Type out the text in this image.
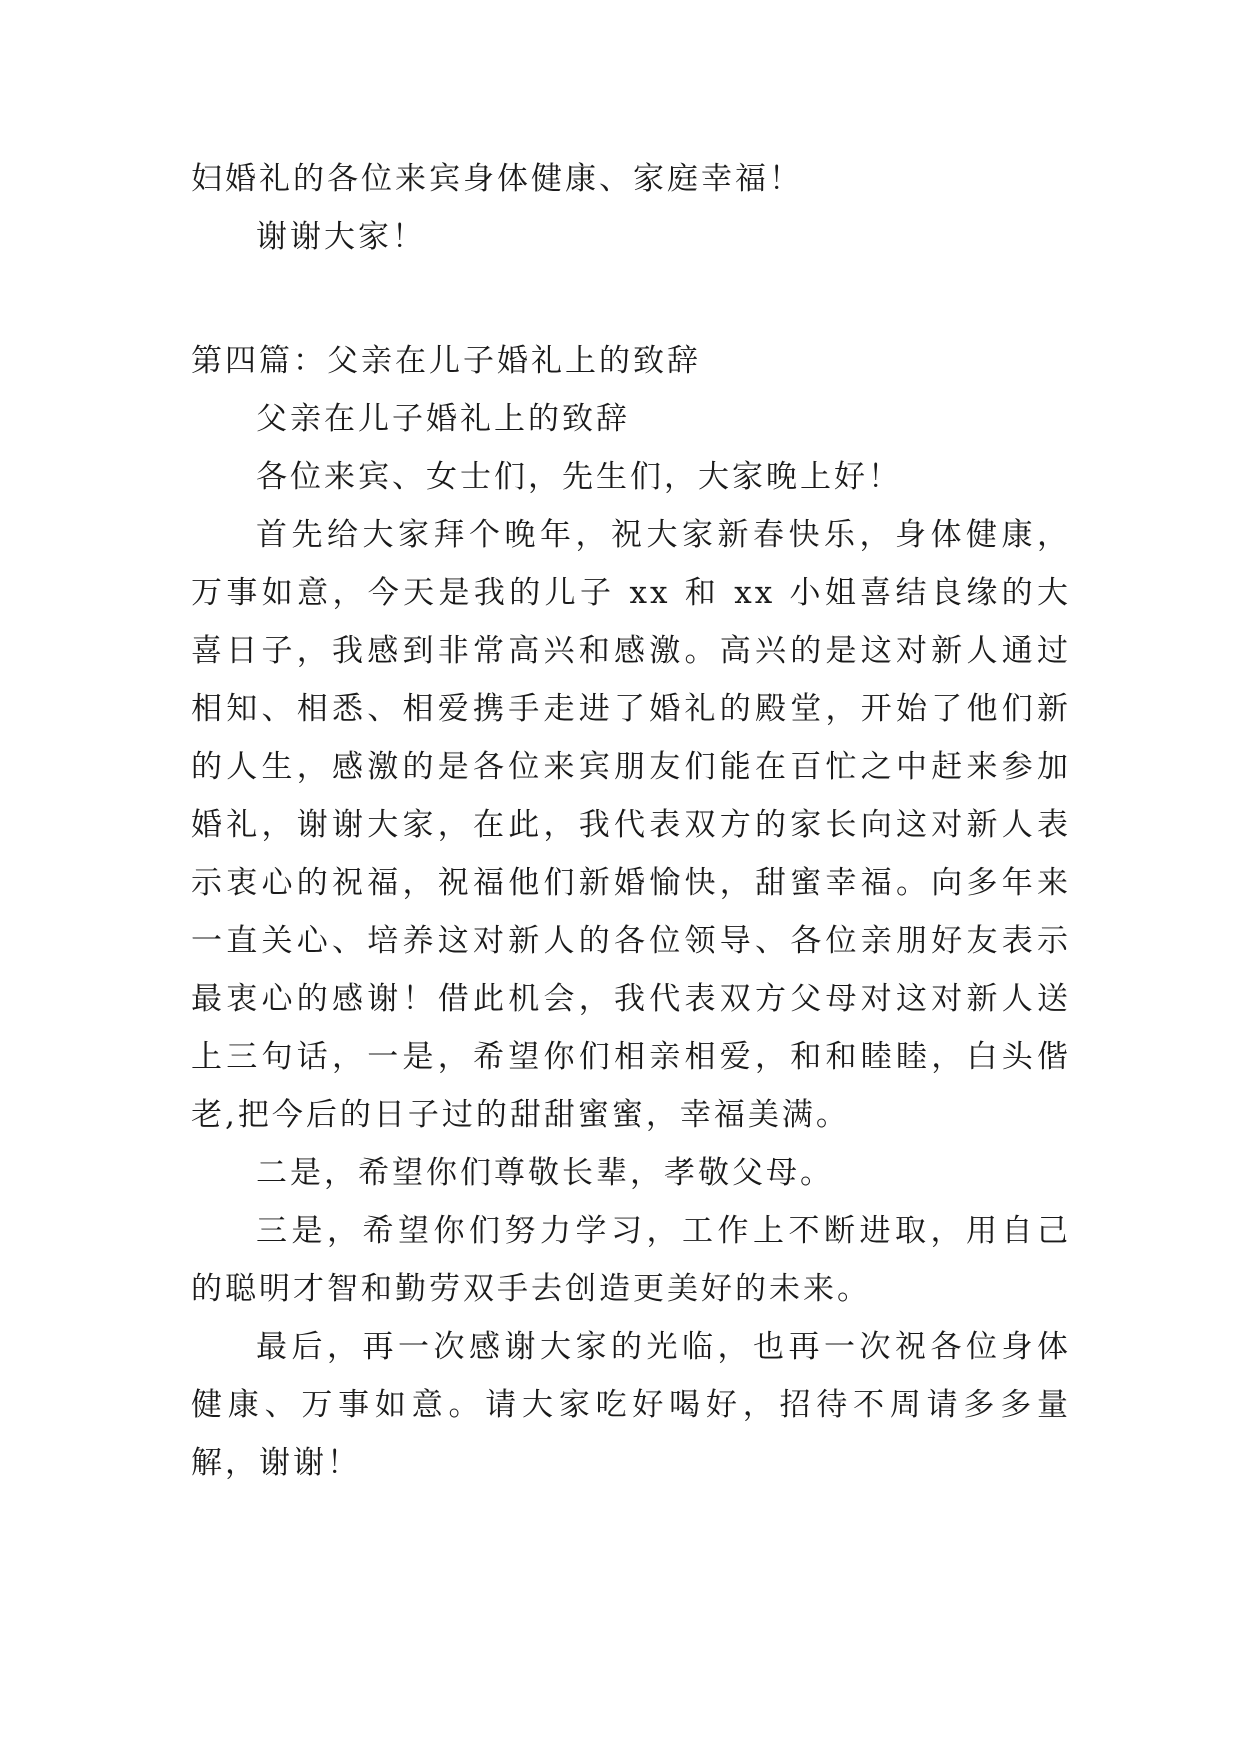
妇婚礼的各位来宾身体健康、家庭幸福！
谢谢大家！
第四篇：父亲在儿子婚礼上的致辞
父亲在儿子婚礼上的致辞
各位来宾、女士们，先生们，大家晚上好！

首先给大家拜个晚年，祝大家新春快乐，身体健康，万事如意，今天是我的儿子 xx 和 xx 小姐喜结良缘的大喜日子，我感到非常高兴和感激。高兴的是这对新人通过相知、相悉、相爱携手走进了婚礼的殿堂，开始了他们新的人生，感激的是各位来宾朋友们能在百忙之中赶来参加婚礼，谢谢大家，在此，我代表双方的家长向这对新人表示衷心的祝福，祝福他们新婚愉快，甜蜜幸福。向多年来一直关心、培养这对新人的各位领导、各位亲朋好友表示最衷心的感谢！借此机会，我代表双方父母对这对新人送上三句话，一是，希望你们相亲相爱，和和睦睦，白头偕老,把今后的日子过的甜甜蜜蜜，幸福美满。

二是，希望你们尊敬长辈，孝敬父母。

三是，希望你们努力学习，工作上不断进取，用自己的聪明才智和勤劳双手去创造更美好的未来。

最后，再一次感谢大家的光临，也再一次祝各位身体健康、万事如意。请大家吃好喝好，招待不周请多多量解，谢谢！
